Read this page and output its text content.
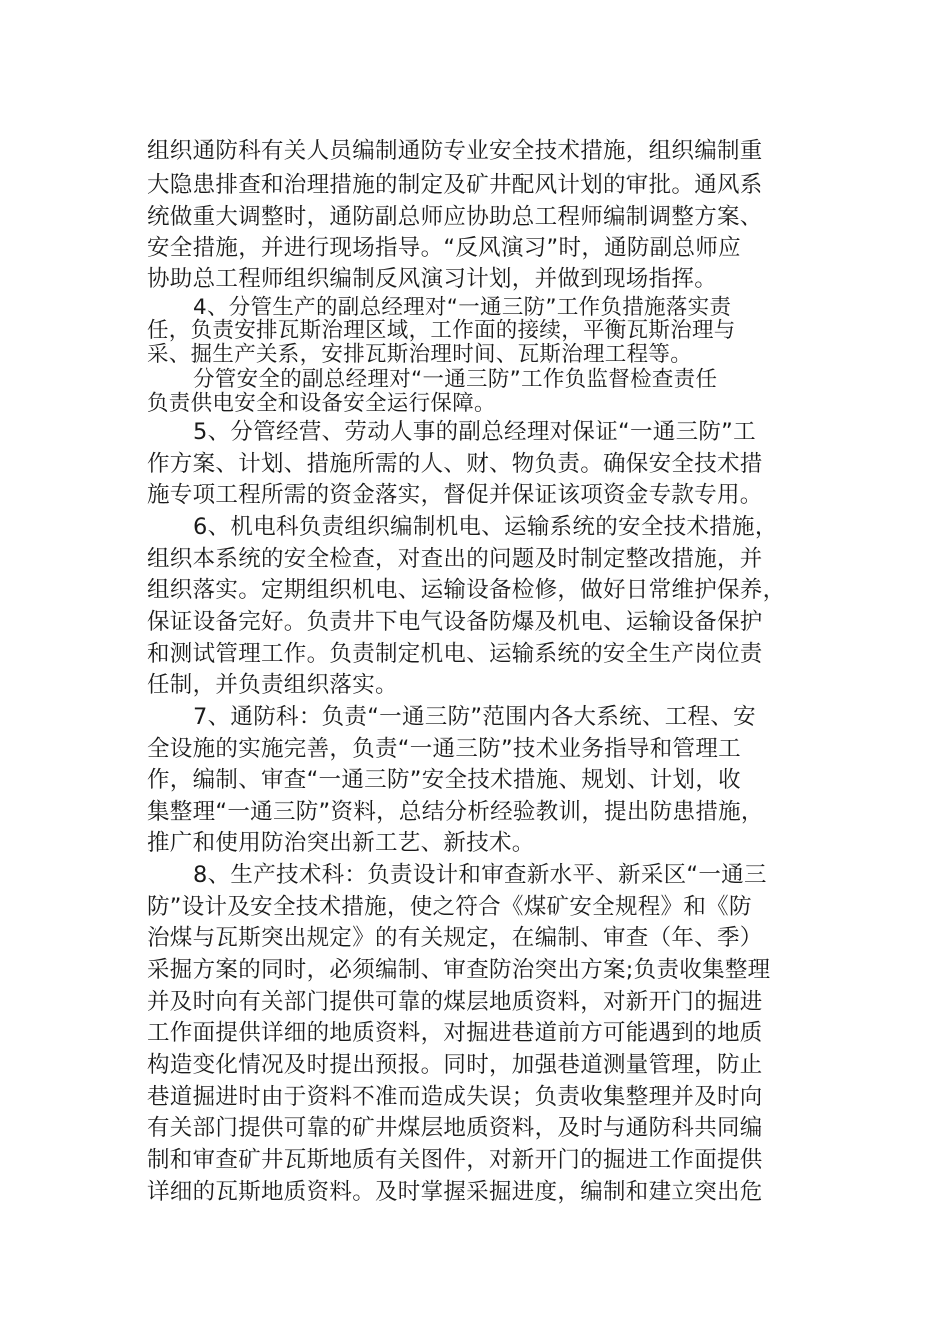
组织通防科有关人员编制通防专业安全技术措施，组织编制重
大隐患排查和治理措施的制定及矿井配风计划的审批。通风系
统做重大调整时，通防副总师应协助总工程师编制调整方案、
安全措施，并进行现场指导。“反风演习”时，通防副总师应
协助总工程师组织编制反风演习计划，并做到现场指挥。
4、分管生产的副总经理对“一通三防”工作负措施落实责
任，负责安排瓦斯治理区域，工作面的接续，平衡瓦斯治理与
采、掘生产关系，安排瓦斯治理时间、瓦斯治理工程等。
分管安全的副总经理对“一通三防”工作负监督检查责任
负责供电安全和设备安全运行保障。
5、分管经营、劳动人事的副总经理对保证“一通三防”工
作方案、计划、措施所需的人、财、物负责。确保安全技术措
施专项工程所需的资金落实，督促并保证该项资金专款专用。
6、机电科负责组织编制机电、运输系统的安全技术措施，
组织本系统的安全检查，对查出的问题及时制定整改措施，并
组织落实。定期组织机电、运输设备检修，做好日常维护保养，
保证设备完好。负责井下电气设备防爆及机电、运输设备保护
和测试管理工作。负责制定机电、运输系统的安全生产岗位责
任制，并负责组织落实。
7、通防科：负责“一通三防”范围内各大系统、工程、安
全设施的实施完善，负责“一通三防”技术业务指导和管理工
作，编制、审查“一通三防”安全技术措施、规划、计划，收
集整理“一通三防”资料，总结分析经验教训，提出防患措施，
推广和使用防治突出新工艺、新技术。
8、生产技术科：负责设计和审查新水平、新采区“一通三
防”设计及安全技术措施，使之符合《煤矿安全规程》和《防
治煤与瓦斯突出规定》的有关规定，在编制、审查（年、季）
采掘方案的同时，必须编制、审查防治突出方案;负责收集整理
并及时向有关部门提供可靠的煤层地质资料，对新开门的掘进
工作面提供详细的地质资料，对掘进巷道前方可能遇到的地质
构造变化情况及时提出预报。同时，加强巷道测量管理，防止
巷道掘进时由于资料不准而造成失误；负责收集整理并及时向
有关部门提供可靠的矿井煤层地质资料，及时与通防科共同编
制和审查矿井瓦斯地质有关图件，对新开门的掘进工作面提供
详细的瓦斯地质资料。及时掌握采掘进度，编制和建立突出危
